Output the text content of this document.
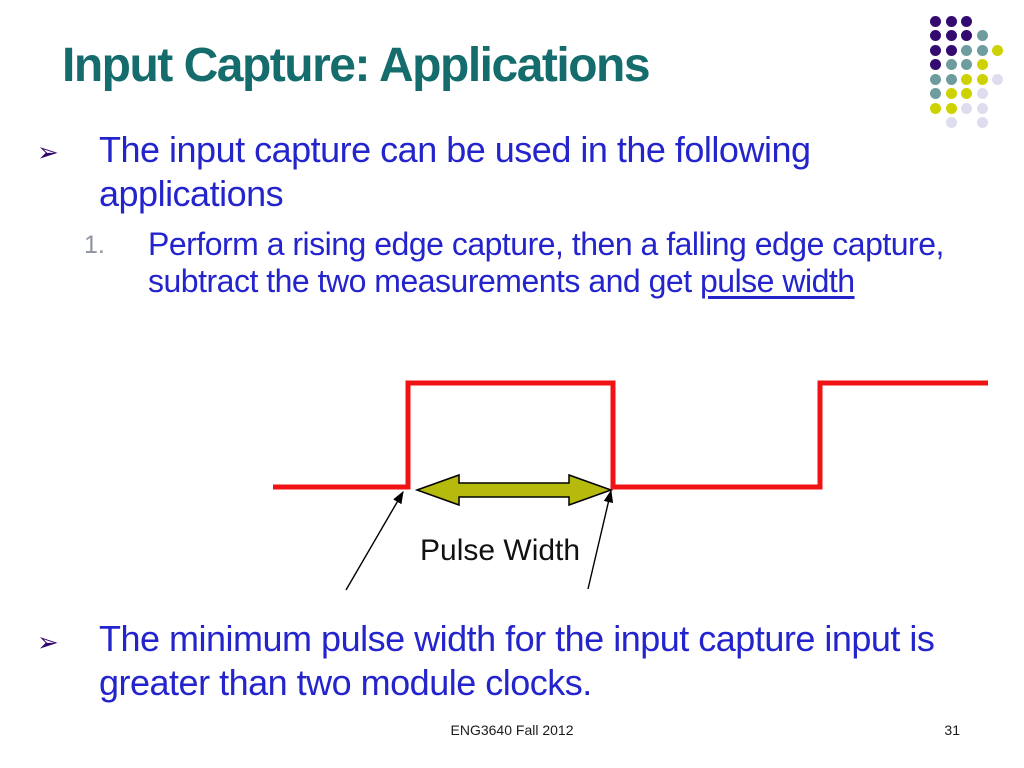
Input Capture: Applications
➢ The input capture can be used in the following
applications
1. Perform a rising edge capture, then a falling edge capture,
subtract the two measurements and get pulse width
Pulse Width
➢ The minimum pulse width for the input capture input is
greater than two module clocks.
ENG3640 Fall 2012	31
